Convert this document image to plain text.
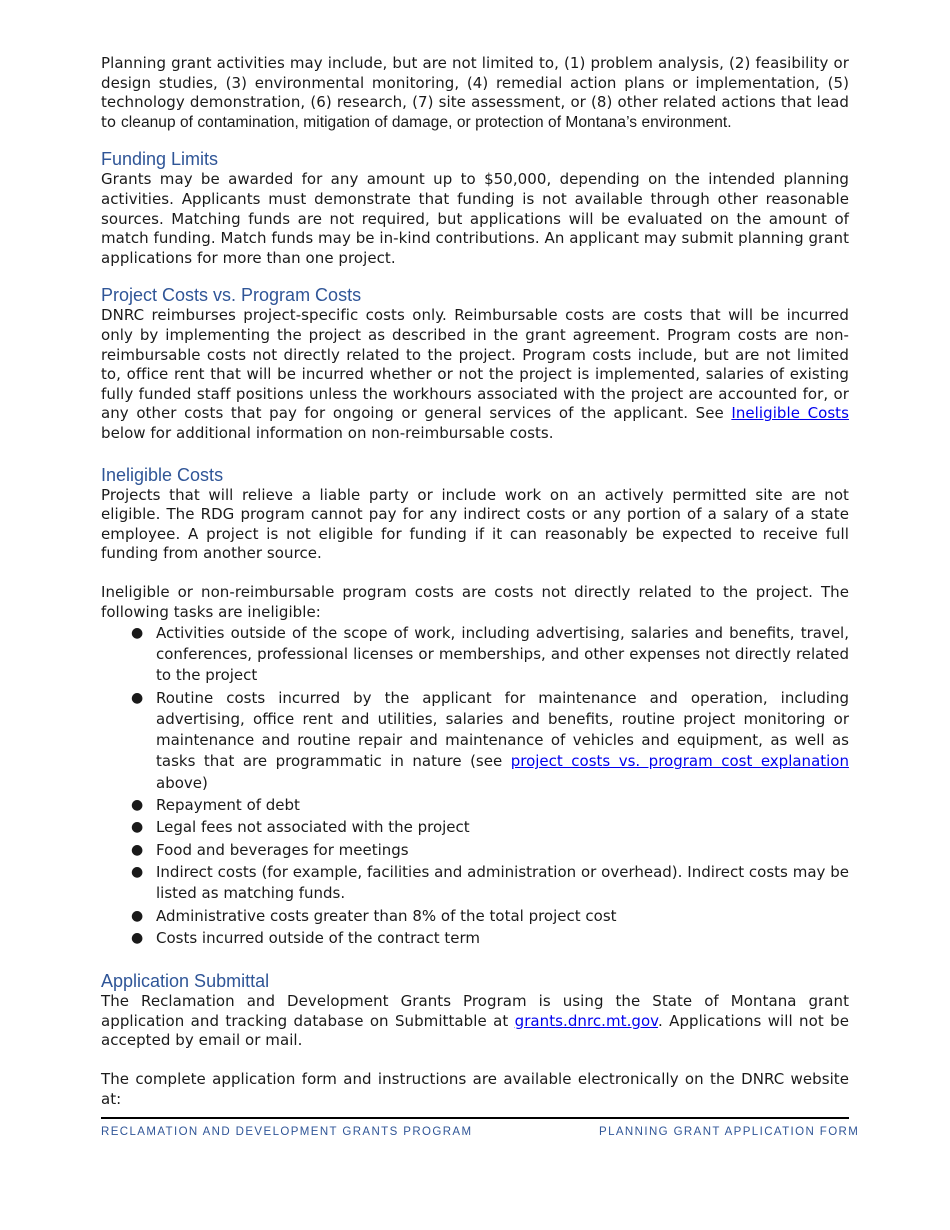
Planning grant activities may include, but are not limited to, (1) problem analysis, (2) feasibility or design studies, (3) environmental monitoring, (4) remedial action plans or implementation, (5) technology demonstration, (6) research, (7) site assessment, or (8) other related actions that lead to cleanup of contamination, mitigation of damage, or protection of Montana’s environment.

Funding Limits

Grants may be awarded for any amount up to $50,000, depending on the intended planning activities. Applicants must demonstrate that funding is not available through other reasonable sources. Matching funds are not required, but applications will be evaluated on the amount of match funding. Match funds may be in-kind contributions. An applicant may submit planning grant applications for more than one project.

Project Costs vs. Program Costs

DNRC reimburses project-specific costs only. Reimbursable costs are costs that will be incurred only by implementing the project as described in the grant agreement. Program costs are non-reimbursable costs not directly related to the project. Program costs include, but are not limited to, office rent that will be incurred whether or not the project is implemented, salaries of existing fully funded staff positions unless the workhours associated with the project are accounted for, or any other costs that pay for ongoing or general services of the applicant. See Ineligible Costs below for additional information on non-reimbursable costs.

Ineligible Costs

Projects that will relieve a liable party or include work on an actively permitted site are not eligible. The RDG program cannot pay for any indirect costs or any portion of a salary of a state employee. A project is not eligible for funding if it can reasonably be expected to receive full funding from another source.

Ineligible or non-reimbursable program costs are costs not directly related to the project. The following tasks are ineligible:

● Activities outside of the scope of work, including advertising, salaries and benefits, travel, conferences, professional licenses or memberships, and other expenses not directly related to the project
● Routine costs incurred by the applicant for maintenance and operation, including advertising, office rent and utilities, salaries and benefits, routine project monitoring or maintenance and routine repair and maintenance of vehicles and equipment, as well as tasks that are programmatic in nature (see project costs vs. program cost explanation above)
● Repayment of debt
● Legal fees not associated with the project
● Food and beverages for meetings
● Indirect costs (for example, facilities and administration or overhead). Indirect costs may be listed as matching funds.
● Administrative costs greater than 8% of the total project cost
● Costs incurred outside of the contract term
Application Submittal

The Reclamation and Development Grants Program is using the State of Montana grant application and tracking database on Submittable at grants.dnrc.mt.gov. Applications will not be accepted by email or mail.

The complete application form and instructions are available electronically on the DNRC website at:

RECLAMATION AND DEVELOPMENT GRANTS PROGRAM	PLANNING GRANT APPLICATION FORM
